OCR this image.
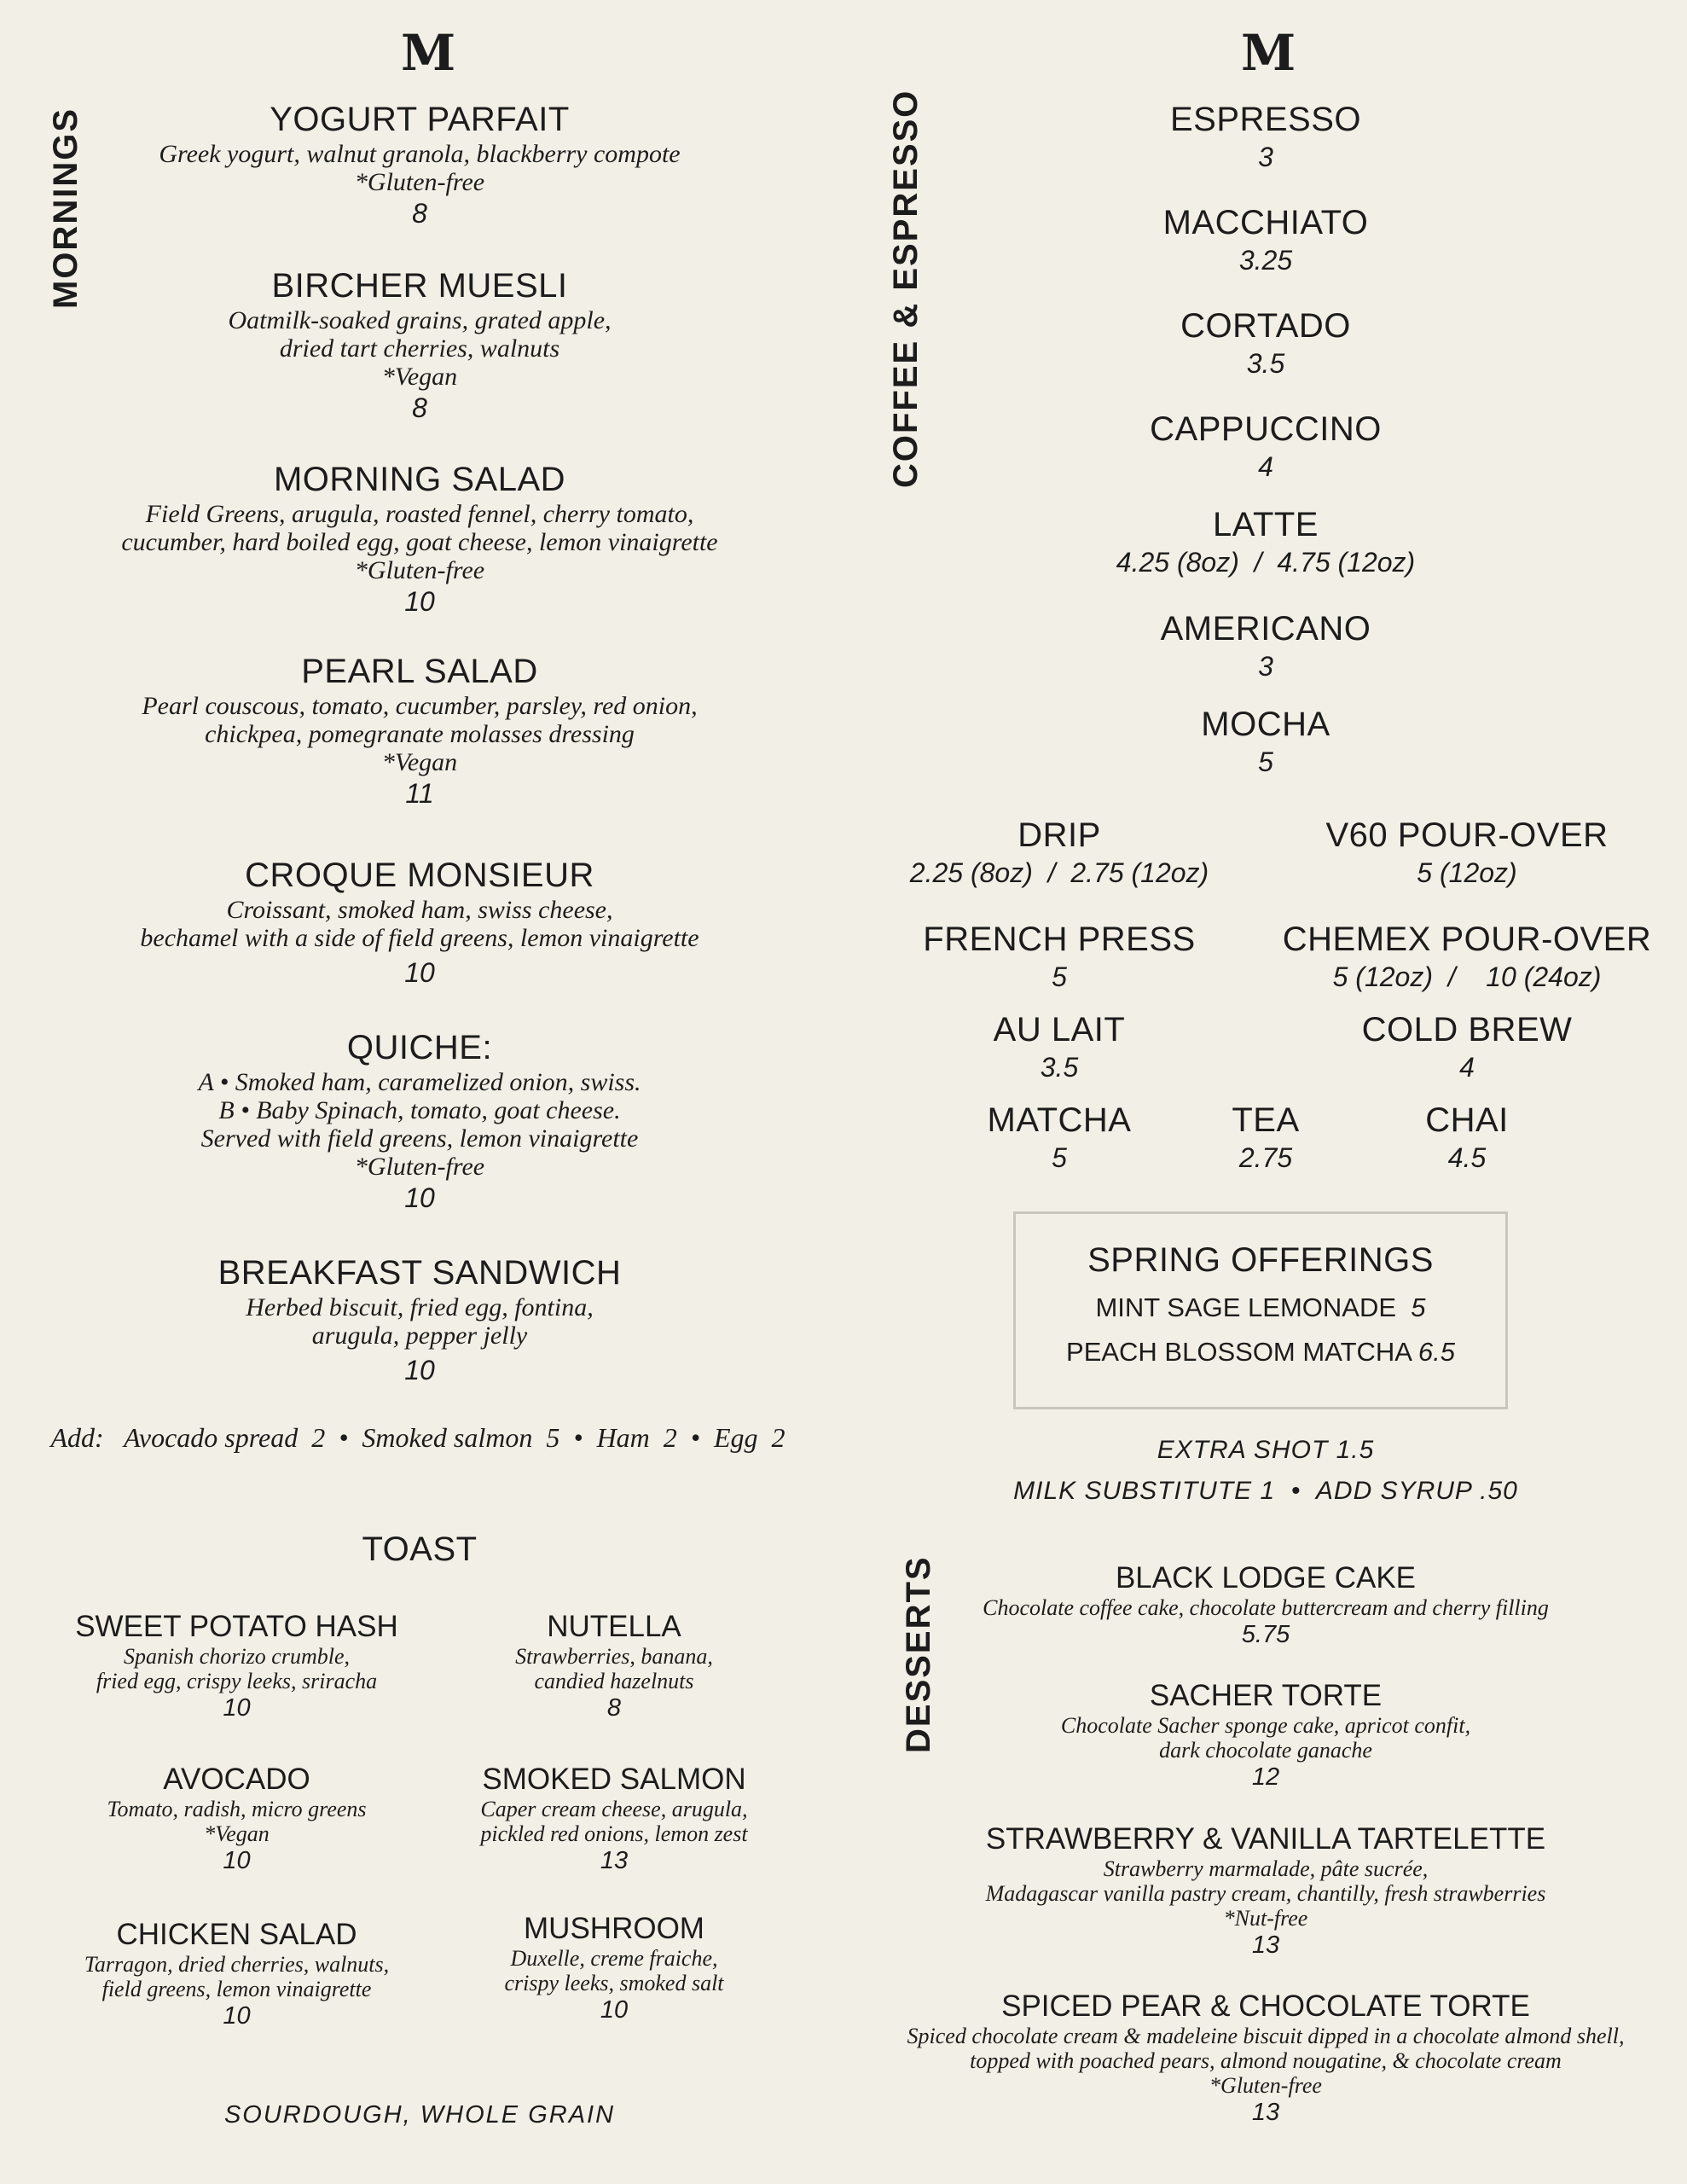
M	M
MORNINGS	COFFEE & ESPRESSO
DESSERTS
YOGURT PARFAIT
Greek yogurt, walnut granola, blackberry compote
*Gluten-free
8
BIRCHER MUESLI
Oatmilk-soaked grains, grated apple,
dried tart cherries, walnuts
*Vegan
8
MORNING SALAD
Field Greens, arugula, roasted fennel, cherry tomato,
cucumber, hard boiled egg, goat cheese, lemon vinaigrette
*Gluten-free
10
PEARL SALAD
Pearl couscous, tomato, cucumber, parsley, red onion,
chickpea, pomegranate molasses dressing
*Vegan
11
CROQUE MONSIEUR
Croissant, smoked ham, swiss cheese,
bechamel with a side of field greens, lemon vinaigrette
10
QUICHE:
A • Smoked ham, caramelized onion, swiss.
B • Baby Spinach, tomato, goat cheese.
Served with field greens, lemon vinaigrette
*Gluten-free
10
BREAKFAST SANDWICH
Herbed biscuit, fried egg, fontina,
arugula, pepper jelly
10
Add:   Avocado spread  2  •  Smoked salmon  5  •  Ham  2  •  Egg  2
TOAST
SWEET POTATO HASH
Spanish chorizo crumble,
fried egg, crispy leeks, sriracha
10
NUTELLA
Strawberries, banana,
candied hazelnuts
8
AVOCADO
Tomato, radish, micro greens
*Vegan
10
SMOKED SALMON
Caper cream cheese, arugula,
pickled red onions, lemon zest
13
CHICKEN SALAD
Tarragon, dried cherries, walnuts,
field greens, lemon vinaigrette
10
MUSHROOM
Duxelle, creme fraiche,
crispy leeks, smoked salt
10
SOURDOUGH, WHOLE GRAIN
ESPRESSO
3
MACCHIATO
3.25
CORTADO
3.5
CAPPUCCINO
4
LATTE
4.25 (8oz)  /  4.75 (12oz)
AMERICANO
3
MOCHA
5
DRIP
2.25 (8oz)  /  2.75 (12oz)
V60 POUR-OVER
5 (12oz)
FRENCH PRESS
5
CHEMEX POUR-OVER
5 (12oz)  /    10 (24oz)
AU LAIT
3.5
COLD BREW
4
MATCHA
5
TEA
2.75
CHAI
4.5
SPRING OFFERINGS
MINT SAGE LEMONADE 5
PEACH BLOSSOM MATCHA 6.5
EXTRA SHOT 1.5
MILK SUBSTITUTE 1  •  ADD SYRUP .50
BLACK LODGE CAKE
Chocolate coffee cake, chocolate buttercream and cherry filling
5.75
SACHER TORTE
Chocolate Sacher sponge cake, apricot confit,
dark chocolate ganache
12
STRAWBERRY & VANILLA TARTELETTE
Strawberry marmalade, pâte sucrée,
Madagascar vanilla pastry cream, chantilly, fresh strawberries
*Nut-free
13
SPICED PEAR & CHOCOLATE TORTE
Spiced chocolate cream & madeleine biscuit dipped in a chocolate almond shell,
topped with poached pears, almond nougatine, & chocolate cream
*Gluten-free
13
